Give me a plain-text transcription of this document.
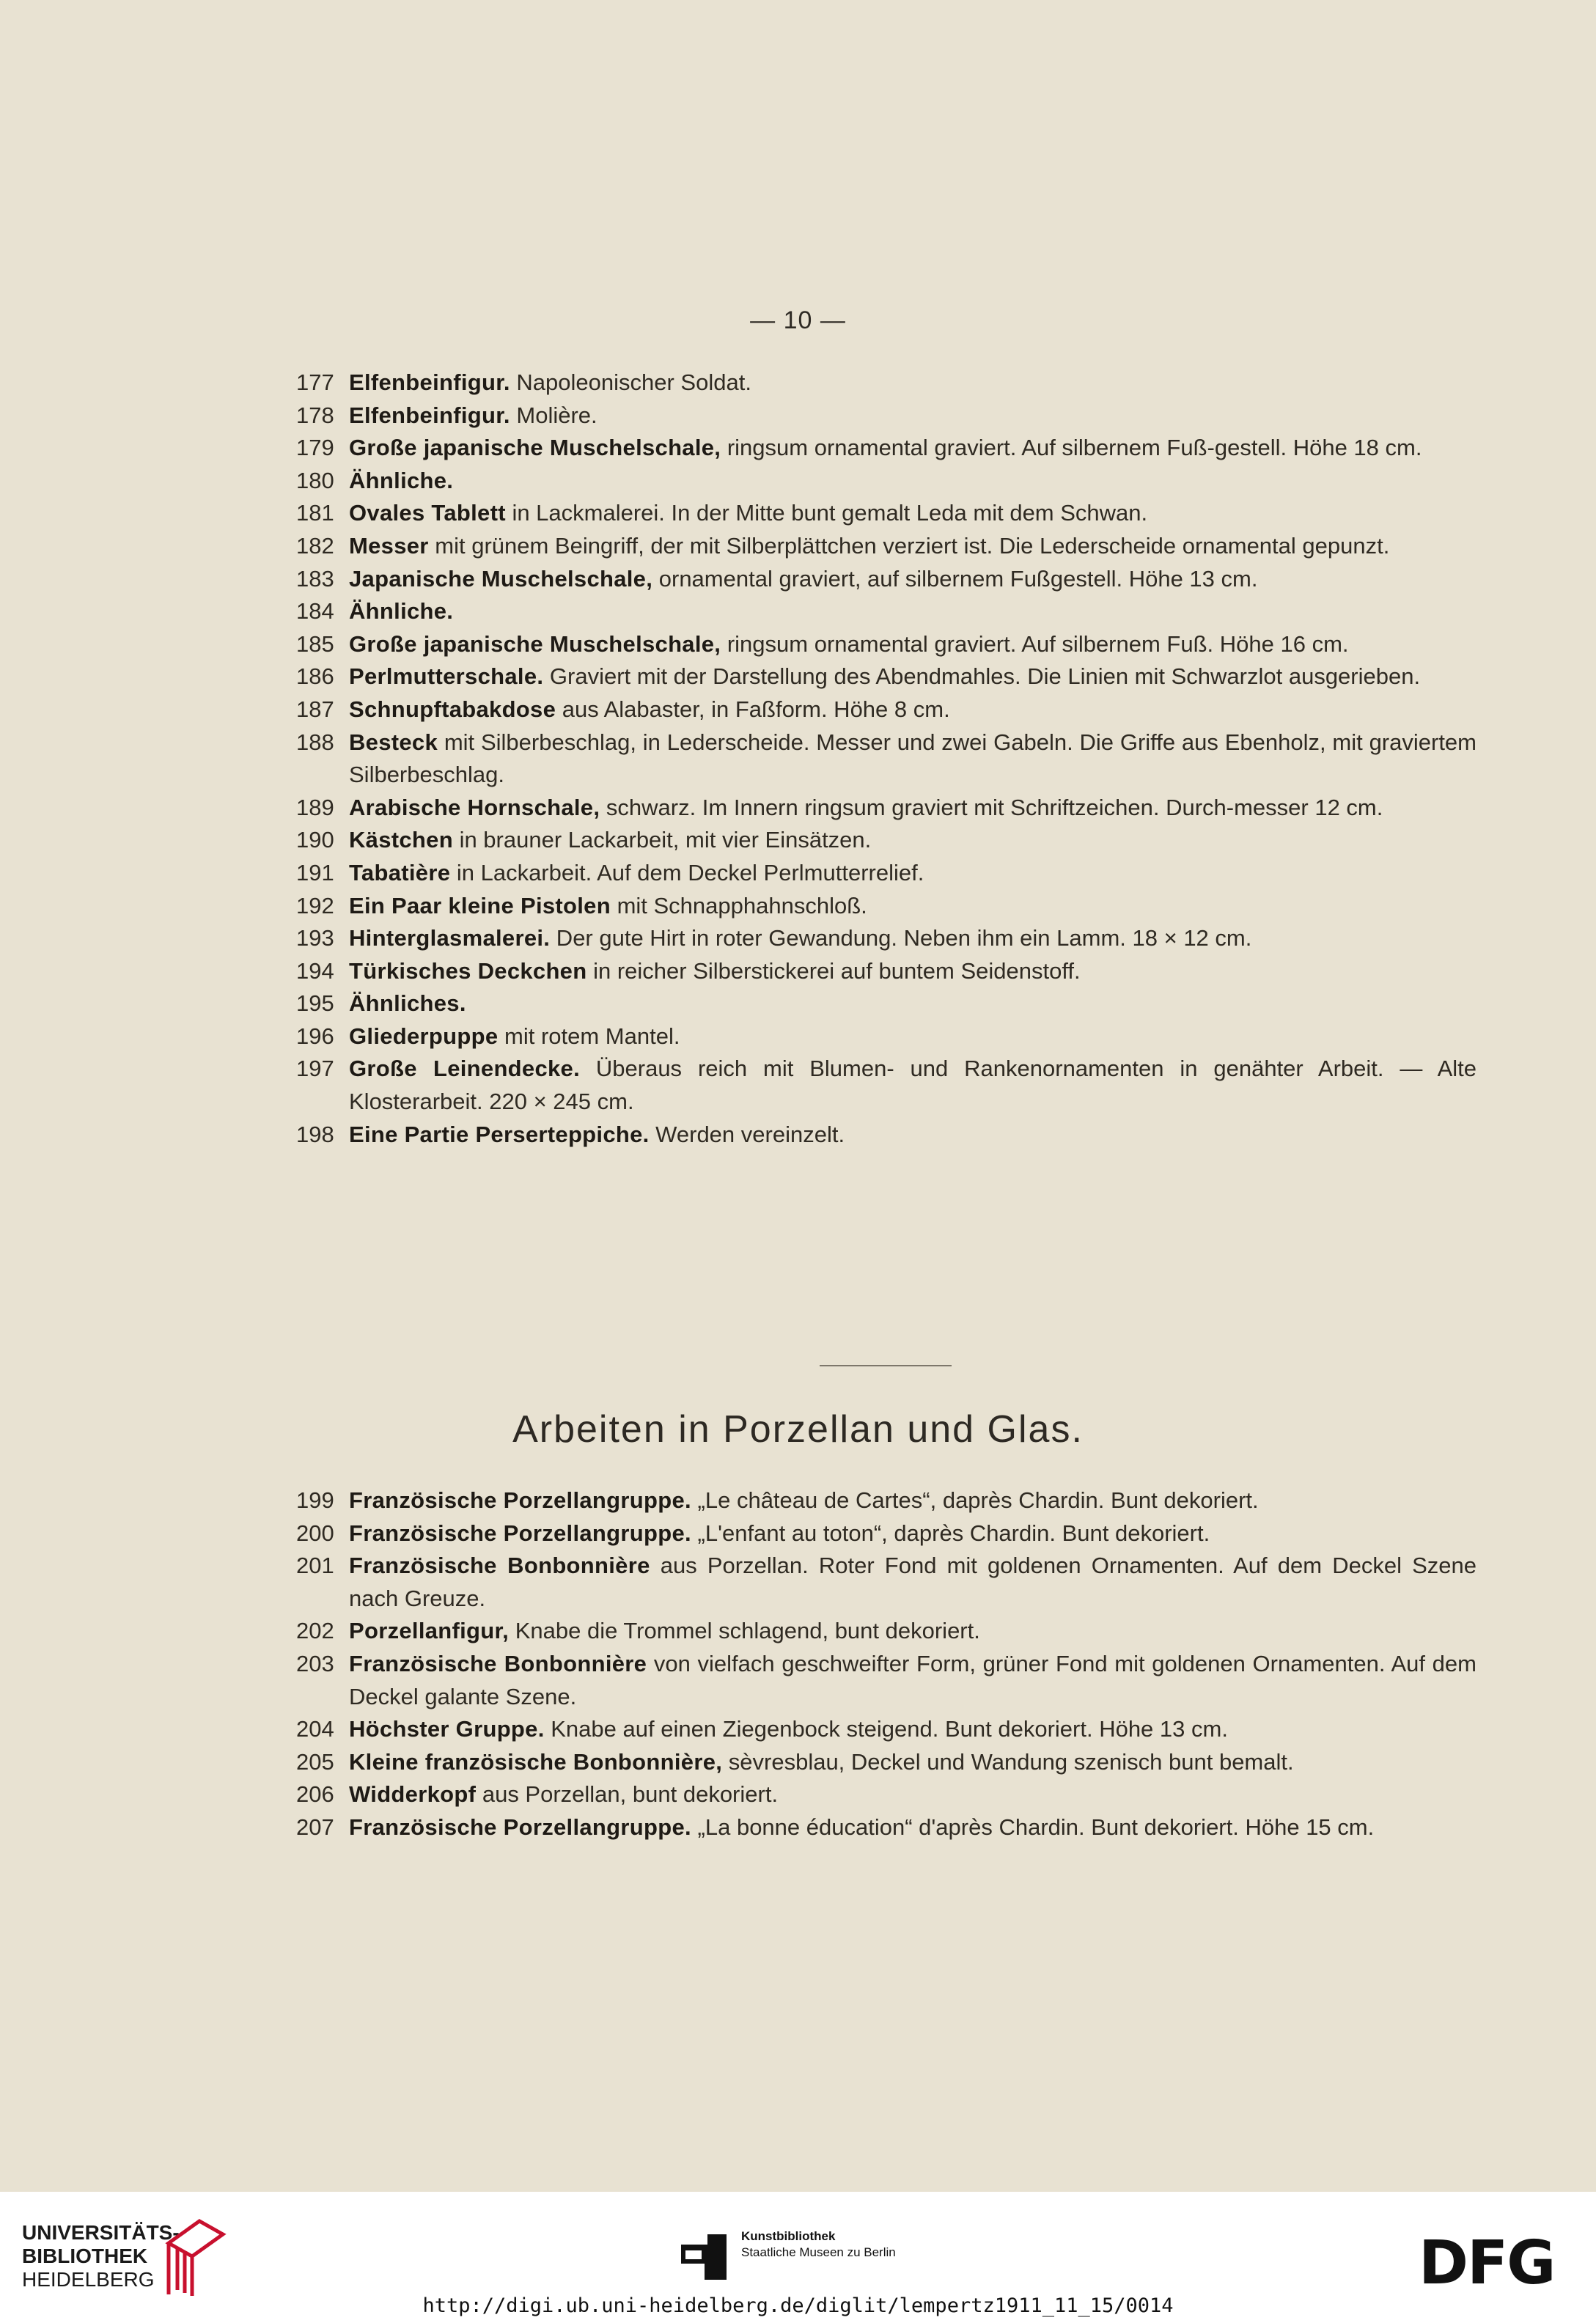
— 10 —
177 Elfenbeinfigur. Napoleonischer Soldat.
178 Elfenbeinfigur. Molière.
179 Große japanische Muschelschale, ringsum ornamental graviert. Auf silbernem Fuß-gestell. Höhe 18 cm.
180 Ähnliche.
181 Ovales Tablett in Lackmalerei. In der Mitte bunt gemalt Leda mit dem Schwan.
182 Messer mit grünem Beingriff, der mit Silberplättchen verziert ist. Die Lederscheide ornamental gepunzt.
183 Japanische Muschelschale, ornamental graviert, auf silbernem Fußgestell. Höhe 13 cm.
184 Ähnliche.
185 Große japanische Muschelschale, ringsum ornamental graviert. Auf silbernem Fuß. Höhe 16 cm.
186 Perlmutterschale. Graviert mit der Darstellung des Abendmahles. Die Linien mit Schwarzlot ausgerieben.
187 Schnupftabakdose aus Alabaster, in Faßform. Höhe 8 cm.
188 Besteck mit Silberbeschlag, in Lederscheide. Messer und zwei Gabeln. Die Griffe aus Ebenholz, mit graviertem Silberbeschlag.
189 Arabische Hornschale, schwarz. Im Innern ringsum graviert mit Schriftzeichen. Durch-messer 12 cm.
190 Kästchen in brauner Lackarbeit, mit vier Einsätzen.
191 Tabatière in Lackarbeit. Auf dem Deckel Perlmutterrelief.
192 Ein Paar kleine Pistolen mit Schnapphahnschloß.
193 Hinterglasmalerei. Der gute Hirt in roter Gewandung. Neben ihm ein Lamm. 18 × 12 cm.
194 Türkisches Deckchen in reicher Silberstickerei auf buntem Seidenstoff.
195 Ähnliches.
196 Gliederpuppe mit rotem Mantel.
197 Große Leinendecke. Überaus reich mit Blumen- und Rankenornamenten in genähter Arbeit. — Alte Klosterarbeit. 220 × 245 cm.
198 Eine Partie Perserteppiche. Werden vereinzelt.
Arbeiten in Porzellan und Glas.
199 Französische Porzellangruppe. „Le château de Cartes“, daprès Chardin. Bunt dekoriert.
200 Französische Porzellangruppe. „L'enfant au toton“, daprès Chardin. Bunt dekoriert.
201 Französische Bonbonnière aus Porzellan. Roter Fond mit goldenen Ornamenten. Auf dem Deckel Szene nach Greuze.
202 Porzellanfigur, Knabe die Trommel schlagend, bunt dekoriert.
203 Französische Bonbonnière von vielfach geschweifter Form, grüner Fond mit goldenen Ornamenten. Auf dem Deckel galante Szene.
204 Höchster Gruppe. Knabe auf einen Ziegenbock steigend. Bunt dekoriert. Höhe 13 cm.
205 Kleine französische Bonbonnière, sèvresblau, Deckel und Wandung szenisch bunt bemalt.
206 Widderkopf aus Porzellan, bunt dekoriert.
207 Französische Porzellangruppe. „La bonne éducation“ d'après Chardin. Bunt dekoriert. Höhe 15 cm.
UNIVERSITÄTS-
BIBLIOTHEK
HEIDELBERG
Kunstbibliothek
Staatliche Museen zu Berlin	DFG
http://digi.ub.uni-heidelberg.de/diglit/lempertz1911_11_15/0014
